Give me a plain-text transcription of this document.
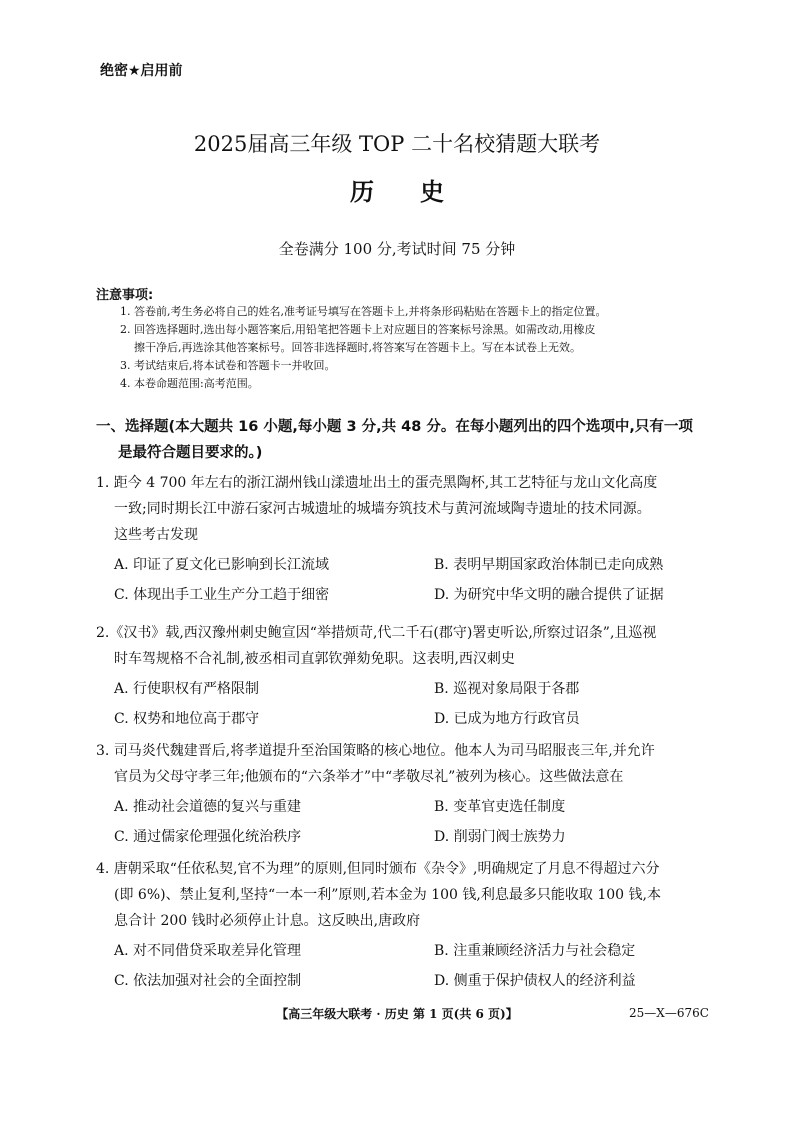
绝密★启用前
2025届高三年级 TOP 二十名校猜题大联考
历史
全卷满分 100 分,考试时间 75 分钟
注意事项:
1. 答卷前,考生务必将自己的姓名,准考证号填写在答题卡上,并将条形码粘贴在答题卡上的指定位置。
2. 回答选择题时,选出每小题答案后,用铅笔把答题卡上对应题目的答案标号涂黑。如需改动,用橡皮
擦干净后,再选涂其他答案标号。回答非选择题时,将答案写在答题卡上。写在本试卷上无效。
3. 考试结束后,将本试卷和答题卡一并收回。
4. 本卷命题范围:高考范围。
一、选择题(本大题共 16 小题,每小题 3 分,共 48 分。在每小题列出的四个选项中,只有一项
是最符合题目要求的。)
1. 距今 4 700 年左右的浙江湖州钱山漾遗址出土的蛋壳黑陶杯,其工艺特征与龙山文化高度
一致;同时期长江中游石家河古城遗址的城墙夯筑技术与黄河流域陶寺遗址的技术同源。
这些考古发现
A. 印证了夏文化已影响到长江流域	B. 表明早期国家政治体制已走向成熟
C. 体现出手工业生产分工趋于细密	D. 为研究中华文明的融合提供了证据
2.《汉书》载,西汉豫州刺史鲍宣因“举措烦苛,代二千石(郡守)署吏听讼,所察过诏条”,且巡视
时车驾规格不合礼制,被丞相司直郭钦弹劾免职。这表明,西汉刺史
A. 行使职权有严格限制	B. 巡视对象局限于各郡
C. 权势和地位高于郡守	D. 已成为地方行政官员
3. 司马炎代魏建晋后,将孝道提升至治国策略的核心地位。他本人为司马昭服丧三年,并允许
官员为父母守孝三年;他颁布的“六条举才”中“孝敬尽礼”被列为核心。这些做法意在
A. 推动社会道德的复兴与重建	B. 变革官吏选任制度
C. 通过儒家伦理强化统治秩序	D. 削弱门阀士族势力
4. 唐朝采取“任依私契,官不为理”的原则,但同时颁布《杂令》,明确规定了月息不得超过六分
(即 6%)、禁止复利,坚持“一本一利”原则,若本金为 100 钱,利息最多只能收取 100 钱,本
息合计 200 钱时必须停止计息。这反映出,唐政府
A. 对不同借贷采取差异化管理	B. 注重兼顾经济活力与社会稳定
C. 依法加强对社会的全面控制	D. 侧重于保护债权人的经济利益
【高三年级大联考 · 历史 第 1 页(共 6 页)】	25—X—676C
